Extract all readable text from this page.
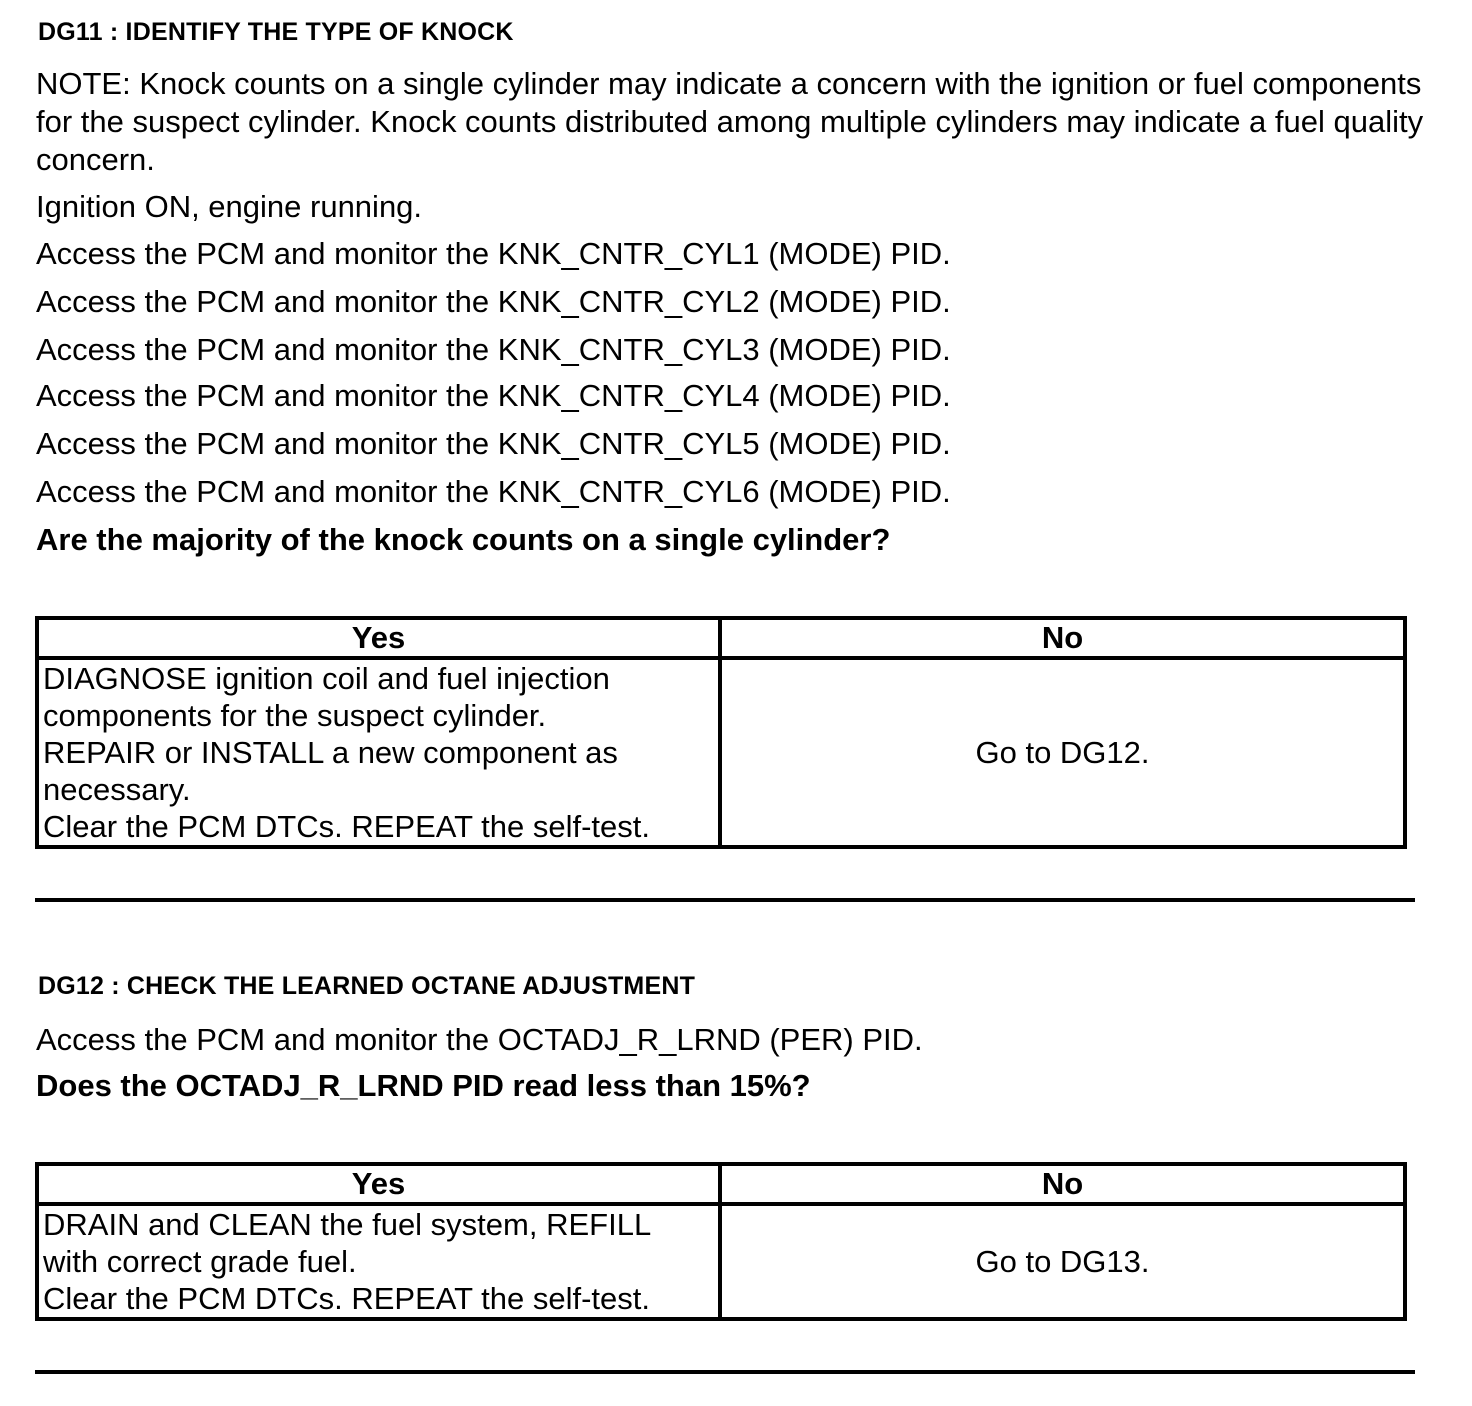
DG11 : IDENTIFY THE TYPE OF KNOCK
NOTE: Knock counts on a single cylinder may indicate a concern with the ignition or fuel components for the suspect cylinder. Knock counts distributed among multiple cylinders may indicate a fuel quality concern.
Ignition ON, engine running.
Access the PCM and monitor the KNK_CNTR_CYL1 (MODE) PID.
Access the PCM and monitor the KNK_CNTR_CYL2 (MODE) PID.
Access the PCM and monitor the KNK_CNTR_CYL3 (MODE) PID.
Access the PCM and monitor the KNK_CNTR_CYL4 (MODE) PID.
Access the PCM and monitor the KNK_CNTR_CYL5 (MODE) PID.
Access the PCM and monitor the KNK_CNTR_CYL6 (MODE) PID.
Are the majority of the knock counts on a single cylinder?
Yes	No

DIAGNOSE ignition coil and fuel injection
components for the suspect cylinder.
REPAIR or INSTALL a new component as
necessary.
Clear the PCM DTCs. REPEAT the self-test.	Go to DG12.
DG12 : CHECK THE LEARNED OCTANE ADJUSTMENT
Access the PCM and monitor the OCTADJ_R_LRND (PER) PID.
Does the OCTADJ_R_LRND PID read less than 15%?
Yes	No

DRAIN and CLEAN the fuel system, REFILL
with correct grade fuel.
Clear the PCM DTCs. REPEAT the self-test.	Go to DG13.
